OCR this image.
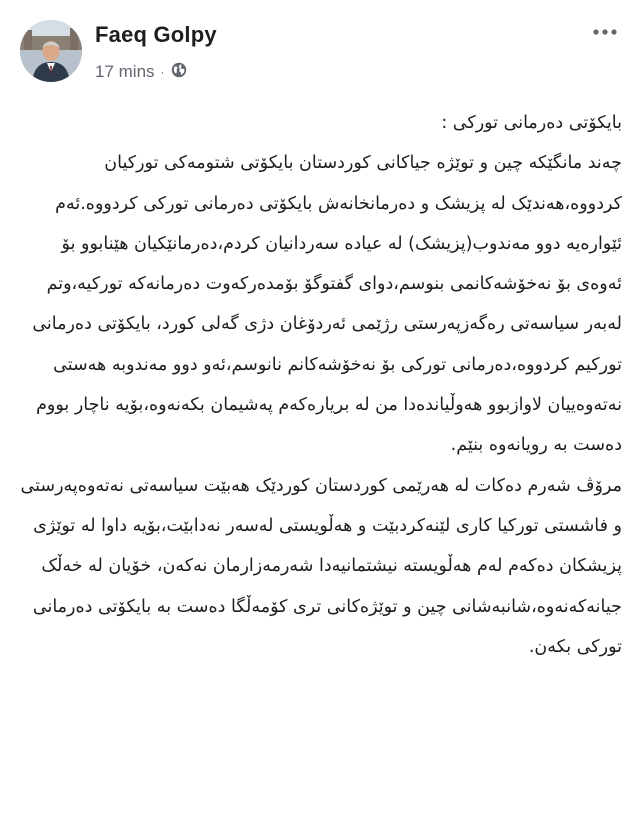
Faeq Golpy
17 mins ·

بایکۆتی دەرمانی تورکی :
چەند مانگێکە چین و توێژە جیاکانی کوردستان بایکۆتی شتومەکی تورکیان کردووە،هەندێک لە پزیشک و دەرمانخانەش بایکۆتی دەرمانی تورکی کردووە.ئەم ئێوارەیە دوو مەندوب(پزیشک) لە عیادە سەردانیان کردم،دەرمانێکیان هێنابوو بۆ ئەوەی بۆ نەخۆشەکانمی بنوسم،دوای گفتوگۆ بۆمدەرکەوت دەرمانەکە تورکیە،وتم لەبەر سیاسەتی رەگەزپەرستی رژێمی ئەردۆغان دژی گەلی کورد، بایکۆتی دەرمانی تورکیم کردووە،دەرمانی تورکی بۆ نەخۆشەکانم نانوسم،ئەو دوو مەندوبە هەستی نەتەوەییان لاوازبوو هەوڵیاندەدا من لە بریارەکەم پەشیمان بکەنەوە،بۆیە ناچار بووم دەست بە رویانەوە بنێم.

مرۆڤ شەرم دەکات لە هەرێمی کوردستان کوردێک هەبێت سیاسەتی نەتەوەپەرستی و فاشستی تورکیا کاری لێنەکردبێت و هەڵویستی لەسەر نەدابێت،بۆیە داوا لە توێژی پزیشکان دەکەم لەم هەڵویستە نیشتمانیەدا شەرمەزارمان نەکەن، خۆیان لە خەڵک جیانەکەنەوە،شانبەشانی چین و توێژەکانی تری کۆمەڵگا دەست بە بایکۆتی دەرمانی تورکی بکەن.
